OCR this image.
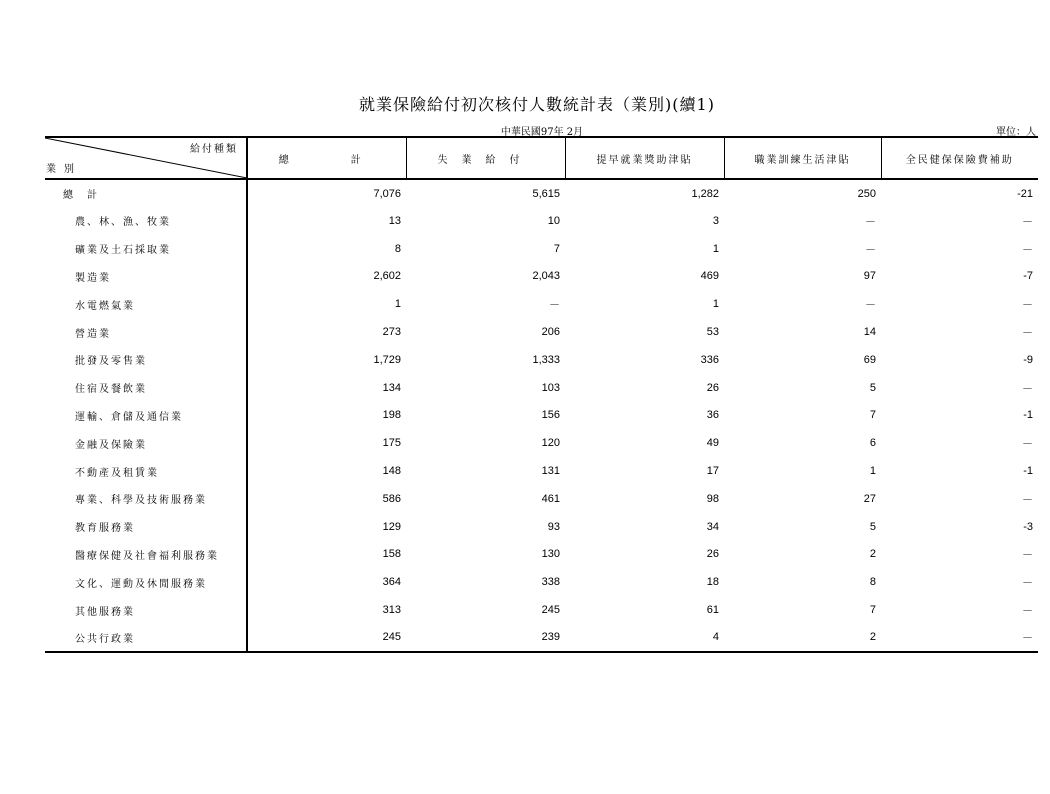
就業保險給付初次核付人數統計表（業別)(續1)
中華民國97年 2月	單位：人
給付種類
業別	總　　計	失業給付	提早就業獎助津貼	職業訓練生活津貼	全民健保保險費補助
總　計	7,076	5,615	1,282	250	-21
農、林、漁、牧業	13	10	3	－	－
礦業及土石採取業	8	7	1	－	－
製造業	2,602	2,043	469	97	-7
水電燃氣業	1	－	1	－	－
營造業	273	206	53	14	－
批發及零售業	1,729	1,333	336	69	-9
住宿及餐飲業	134	103	26	5	－
運輸、倉儲及通信業	198	156	36	7	-1
金融及保險業	175	120	49	6	－
不動產及租賃業	148	131	17	1	-1
專業、科學及技術服務業	586	461	98	27	－
教育服務業	129	93	34	5	-3
醫療保健及社會福利服務業	158	130	26	2	－
文化、運動及休閒服務業	364	338	18	8	－
其他服務業	313	245	61	7	－
公共行政業	245	239	4	2	－
